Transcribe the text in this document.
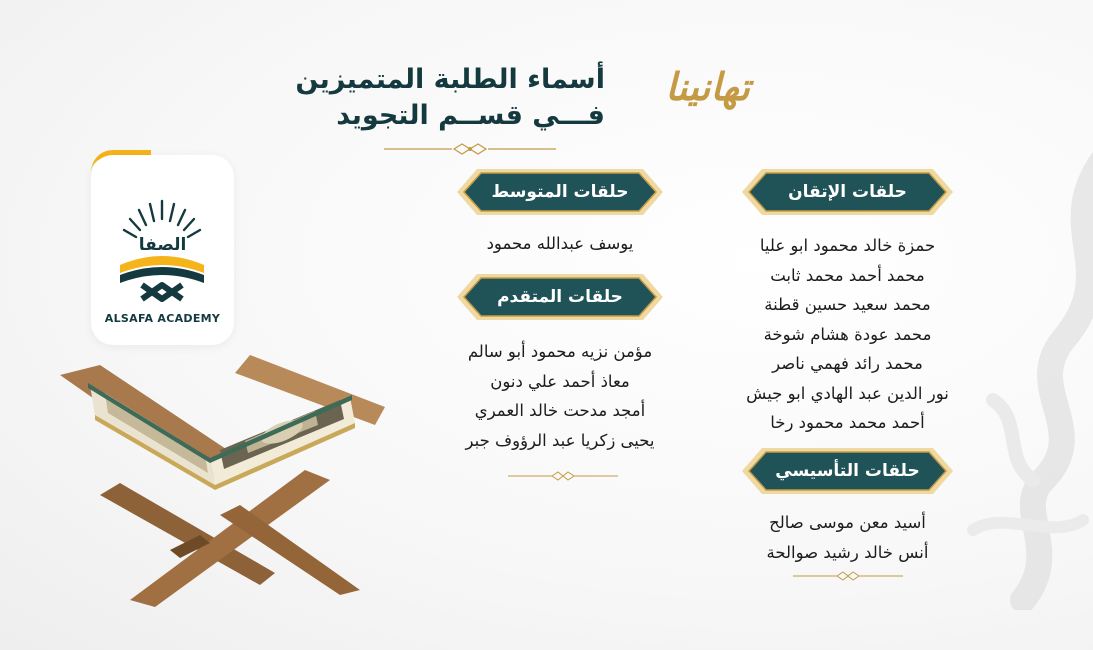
أسماء الطلبة المتميزين
فـــي قســم التجويد
تهانينا
الصفا
ALSAFA ACADEMY
حلقات الإتقان
حمزة خالد محمود ابو عليا
محمد أحمد محمد ثابت
محمد سعيد حسين قطنة
محمد عودة هشام شوخة
محمد رائد فهمي ناصر
نور الدين عبد الهادي ابو جيش
أحمد محمد محمود رخا
حلقات التأسيسي
أسيد معن موسى صالح
أنس خالد رشيد صوالحة
حلقات المتوسط
يوسف عبدالله محمود
حلقات المتقدم
مؤمن نزيه محمود أبو سالم
معاذ أحمد علي دنون
أمجد مدحت خالد العمري
يحيى زكريا عبد الرؤوف جبر
